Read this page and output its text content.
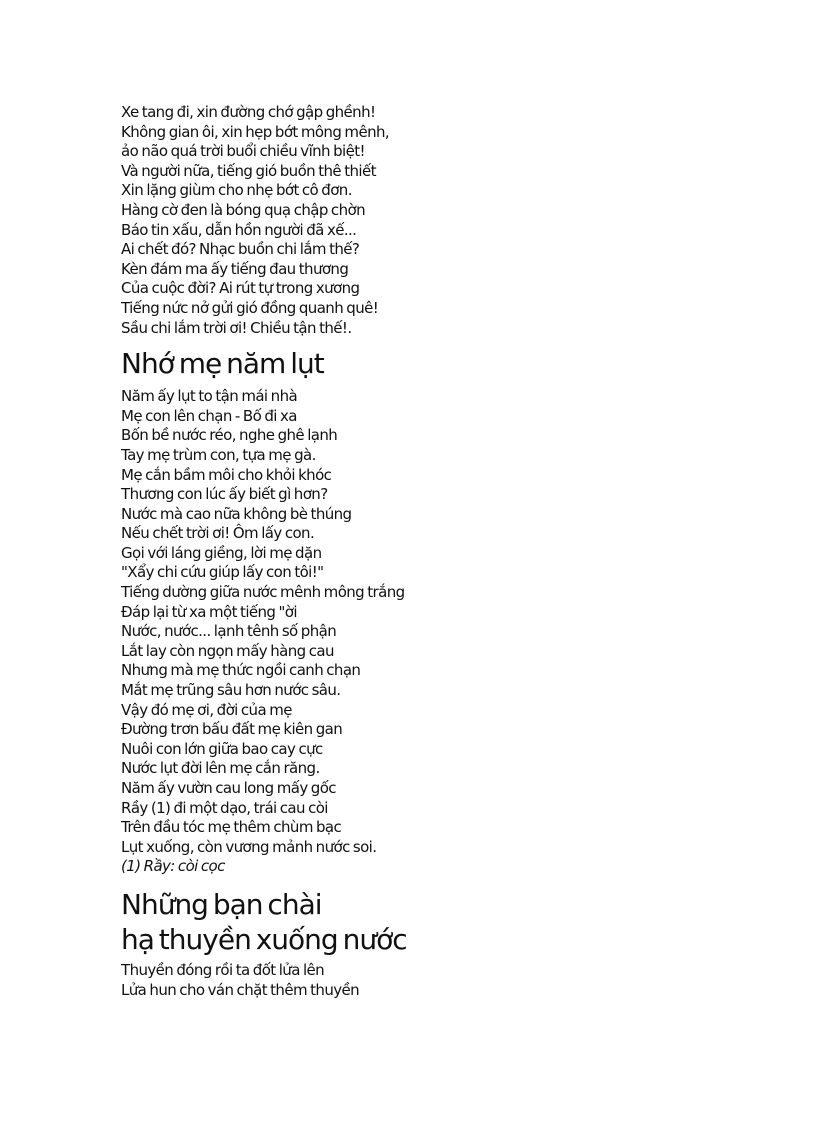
Xe tang đi, xin đường chớ gập ghềnh!
Không gian ôi, xin hẹp bớt mông mênh,
ảo não quá trời buổi chiều vĩnh biệt!
Và người nữa, tiếng gió buồn thê thiết
Xin lặng giùm cho nhẹ bớt cô đơn.
Hàng cờ đen là bóng quạ chập chờn
Báo tin xấu, dẫn hồn người đã xế...
Ai chết đó? Nhạc buồn chi lắm thế?
Kèn đám ma ấy tiếng đau thương
Của cuộc đời? Ai rút tự trong xương
Tiếng nức nở gửi gió đồng quanh quê!
Sầu chi lắm trời ơi! Chiều tận thế!.
Nhớ mẹ năm lụt
Năm ấy lụt to tận mái nhà
Mẹ con lên chạn - Bố đi xa
Bốn bề nước réo, nghe ghê lạnh
Tay mẹ trùm con, tựa mẹ gà.
Mẹ cắn bầm môi cho khỏi khóc
Thương con lúc ấy biết gì hơn?
Nước mà cao nữa không bè thúng
Nếu chết trời ơi! Ôm lấy con.
Gọi với láng giềng, lời mẹ dặn
"Xẩy chi cứu giúp lấy con tôi!"
Tiếng dường giữa nước mênh mông trắng
Đáp lại từ xa một tiếng "ời
Nước, nước... lạnh tênh số phận
Lắt lay còn ngọn mấy hàng cau
Nhưng mà mẹ thức ngồi canh chạn
Mắt mẹ trũng sâu hơn nước sâu.
Vậy đó mẹ ơi, đời của mẹ
Đường trơn bấu đất mẹ kiên gan
Nuôi con lớn giữa bao cay cực
Nước lụt đời lên mẹ cắn răng.
Năm ấy vườn cau long mấy gốc
Rầy (1) đi một dạo, trái cau còi
Trên đầu tóc mẹ thêm chùm bạc
Lụt xuống, còn vương mảnh nước soi.
(1) Rầy: còi cọc
Những bạn chài
hạ thuyền xuống nước
Thuyền đóng rồi ta đốt lửa lên
Lửa hun cho ván chặt thêm thuyền
